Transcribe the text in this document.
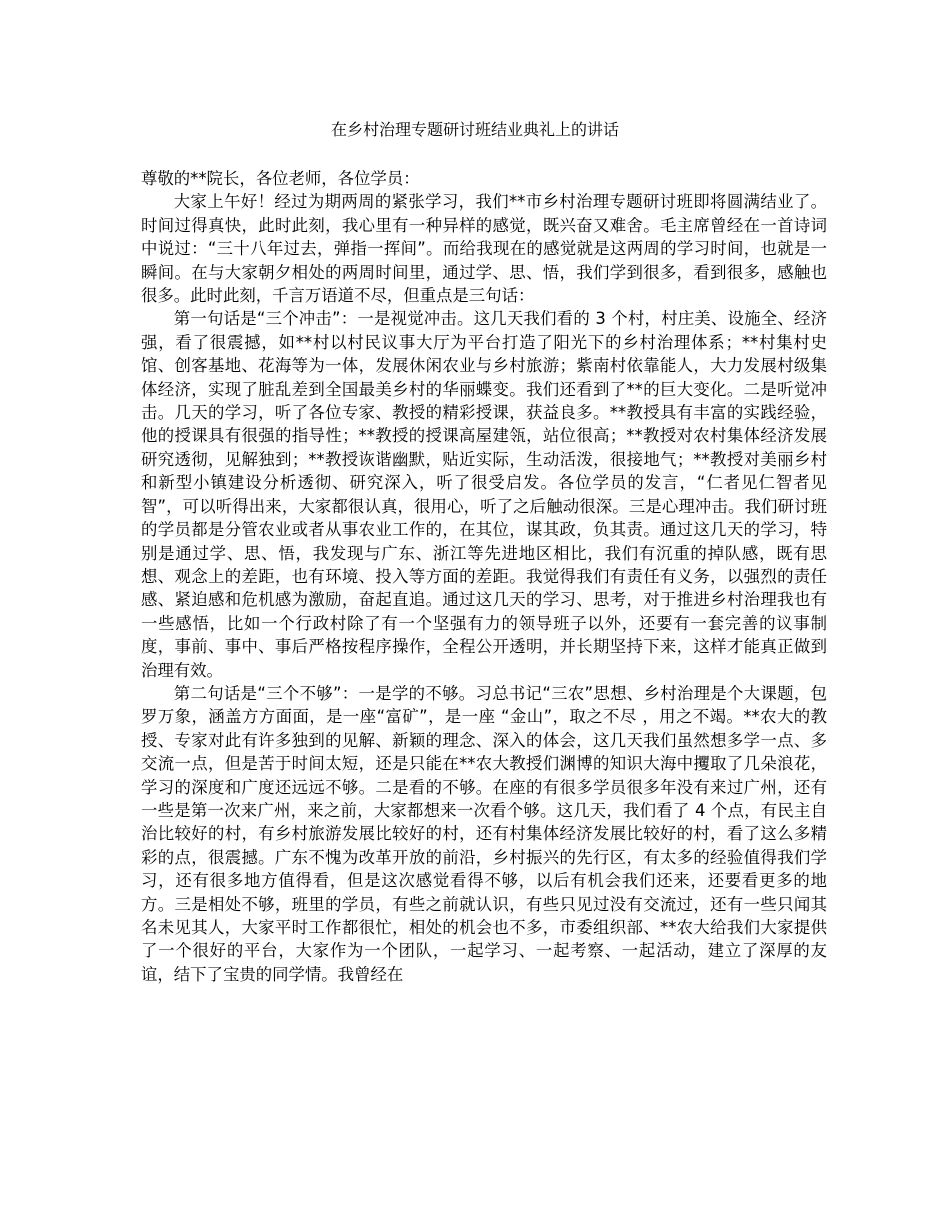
在乡村治理专题研讨班结业典礼上的讲话

尊敬的**院长，各位老师，各位学员：

大家上午好！经过为期两周的紧张学习，我们**市乡村治理专题研讨班即将圆满结业了。时间过得真快，此时此刻，我心里有一种异样的感觉，既兴奋又难舍。毛主席曾经在一首诗词中说过：“三十八年过去，弹指一挥间”。而给我现在的感觉就是这两周的学习时间，也就是一瞬间。在与大家朝夕相处的两周时间里，通过学、思、悟，我们学到很多，看到很多，感触也很多。此时此刻，千言万语道不尽，但重点是三句话：

第一句话是“三个冲击”：一是视觉冲击。这几天我们看的 3 个村，村庄美、设施全、经济强，看了很震撼，如**村以村民议事大厅为平台打造了阳光下的乡村治理体系；**村集村史馆、创客基地、花海等为一体，发展休闲农业与乡村旅游；紫南村依靠能人，大力发展村级集体经济，实现了脏乱差到全国最美乡村的华丽蝶变。我们还看到了**的巨大变化。二是听觉冲击。几天的学习，听了各位专家、教授的精彩授课，获益良多。**教授具有丰富的实践经验，他的授课具有很强的指导性；**教授的授课高屋建瓴，站位很高；**教授对农村集体经济发展研究透彻，见解独到；**教授诙谐幽默，贴近实际，生动活泼，很接地气；**教授对美丽乡村和新型小镇建设分析透彻、研究深入，听了很受启发。各位学员的发言，“仁者见仁智者见智”，可以听得出来，大家都很认真，很用心，听了之后触动很深。三是心理冲击。我们研讨班的学员都是分管农业或者从事农业工作的，在其位，谋其政，负其责。通过这几天的学习，特别是通过学、思、悟，我发现与广东、浙江等先进地区相比，我们有沉重的掉队感，既有思想、观念上的差距，也有环境、投入等方面的差距。我觉得我们有责任有义务，以强烈的责任感、紧迫感和危机感为激励，奋起直追。通过这几天的学习、思考，对于推进乡村治理我也有一些感悟，比如一个行政村除了有一个坚强有力的领导班子以外，还要有一套完善的议事制度，事前、事中、事后严格按程序操作，全程公开透明，并长期坚持下来，这样才能真正做到治理有效。

第二句话是“三个不够”：一是学的不够。习总书记“三农”思想、乡村治理是个大课题，包罗万象，涵盖方方面面，是一座“富矿”，是一座 “金山”，取之不尽 ，用之不竭。**农大的教授、专家对此有许多独到的见解、新颖的理念、深入的体会，这几天我们虽然想多学一点、多交流一点，但是苦于时间太短，还是只能在**农大教授们渊博的知识大海中攫取了几朵浪花，学习的深度和广度还远远不够。二是看的不够。在座的有很多学员很多年没有来过广州，还有一些是第一次来广州，来之前，大家都想来一次看个够。这几天，我们看了 4 个点，有民主自治比较好的村，有乡村旅游发展比较好的村，还有村集体经济发展比较好的村，看了这么多精彩的点，很震撼。广东不愧为改革开放的前沿，乡村振兴的先行区，有太多的经验值得我们学习，还有很多地方值得看，但是这次感觉看得不够，以后有机会我们还来，还要看更多的地方。三是相处不够，班里的学员，有些之前就认识，有些只见过没有交流过，还有一些只闻其名未见其人，大家平时工作都很忙，相处的机会也不多，市委组织部、**农大给我们大家提供了一个很好的平台，大家作为一个团队，一起学习、一起考察、一起活动，建立了深厚的友谊，结下了宝贵的同学情。我曾经在
